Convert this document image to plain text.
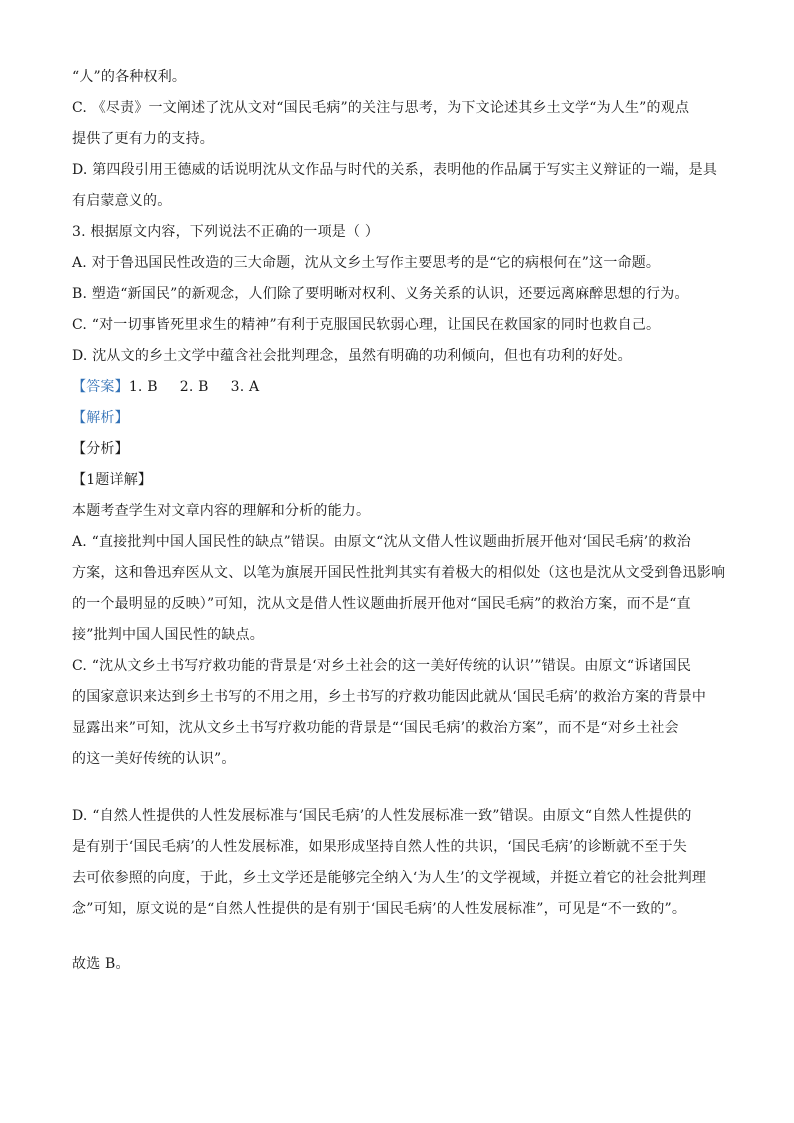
“人”的各种权利。
C. 《尽责》一文阐述了沈从文对“国民毛病”的关注与思考，为下文论述其乡土文学“为人生”的观点
提供了更有力的支持。
D. 第四段引用王德威的话说明沈从文作品与时代的关系，表明他的作品属于写实主义辩证的一端，是具
有启蒙意义的。
3. 根据原文内容，下列说法不正确的一项是（ ）
A. 对于鲁迅国民性改造的三大命题，沈从文乡土写作主要思考的是“它的病根何在”这一命题。
B. 塑造“新国民”的新观念，人们除了要明晰对权利、义务关系的认识，还要远离麻醉思想的行为。
C. “对一切事皆死里求生的精神”有利于克服国民软弱心理，让国民在救国家的同时也救自己。
D. 沈从文的乡土文学中蕴含社会批判理念，虽然有明确的功利倾向，但也有功利的好处。
【答案】1. B 2. B 3. A
【解析】
【分析】
【1题详解】
本题考查学生对文章内容的理解和分析的能力。
A. “直接批判中国人国民性的缺点”错误。由原文“沈从文借人性议题曲折展开他对‘国民毛病’的救治
方案，这和鲁迅弃医从文、以笔为旗展开国民性批判其实有着极大的相似处（这也是沈从文受到鲁迅影响
的一个最明显的反映）”可知，沈从文是借人性议题曲折展开他对“国民毛病”的救治方案，而不是“直
接”批判中国人国民性的缺点。
C. “沈从文乡土书写疗救功能的背景是‘对乡土社会的这一美好传统的认识’”错误。由原文“诉诸国民
的国家意识来达到乡土书写的不用之用，乡土书写的疗救功能因此就从‘国民毛病’的救治方案的背景中
显露出来”可知，沈从文乡土书写疗救功能的背景是“‘国民毛病’的救治方案”，而不是“对乡土社会
的这一美好传统的认识”。
D. “自然人性提供的人性发展标准与‘国民毛病’的人性发展标准一致”错误。由原文“自然人性提供的
是有别于‘国民毛病’的人性发展标准，如果形成坚持自然人性的共识，‘国民毛病’的诊断就不至于失
去可依参照的向度，于此，乡土文学还是能够完全纳入‘为人生’的文学视域，并挺立着它的社会批判理
念”可知，原文说的是“自然人性提供的是有别于‘国民毛病’的人性发展标准”，可见是“不一致的”。
故选 B。
